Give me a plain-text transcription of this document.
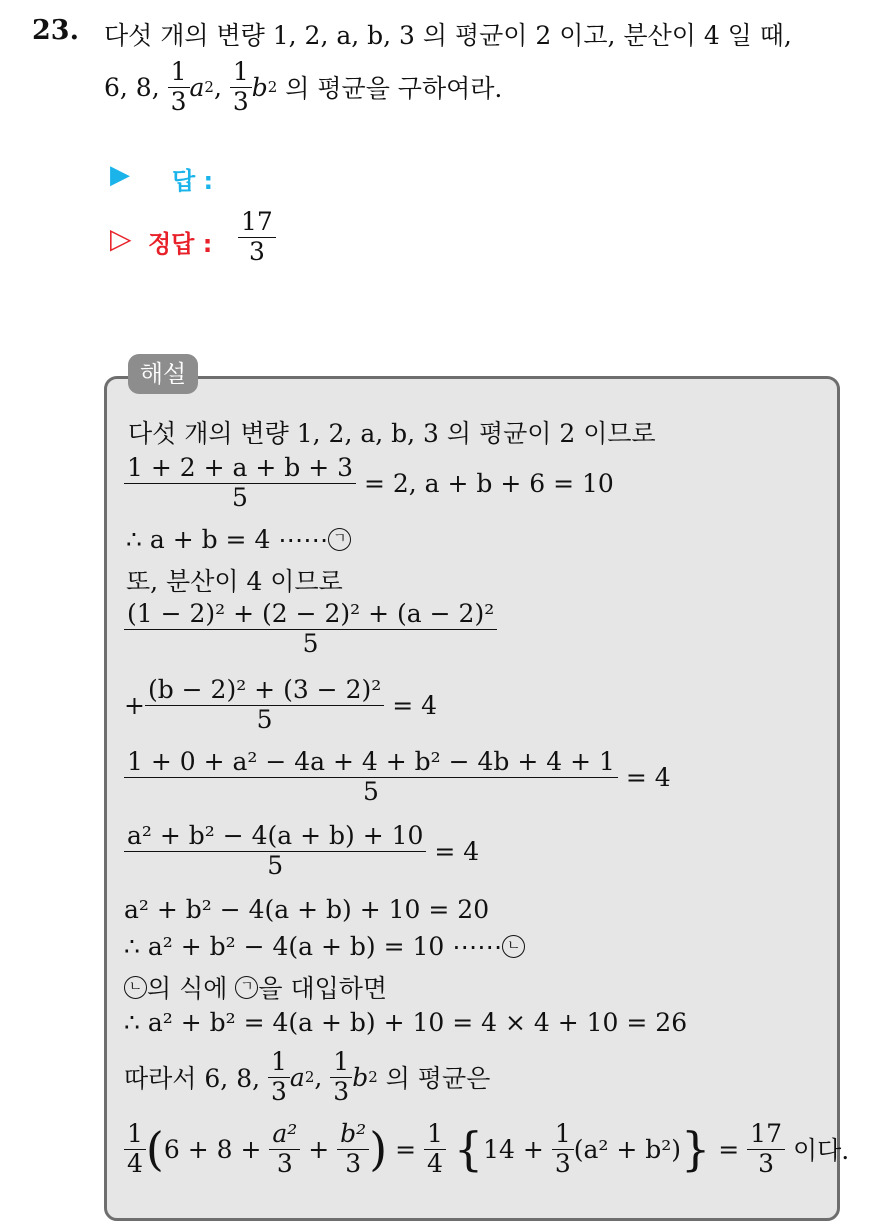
23. 다섯 개의 변량 1, 2, a, b, 3 의 평균이 2 이고, 분산이 4 일 때,
6, 8,
$\frac{1}{3}$ a 2 ,
$\frac{1}{3}$ b 2
의 평균을 구하여라.
▶ 답 :
▷ 정답 : $\frac{17}{3}$
해설
다섯 개의 변량 1, 2, a, b, 3 의 평균이 2 이므로
$\frac{1 + 2 + a + b + 3}{5}$
= 2, a + b + 6 = 10
∴ a + b = 4 ⋯⋯ ㄱ
또, 분산이 4 이므로
$\frac{\text{(1 − 2)² + (2 − 2)² + (a − 2)²}}{5}$
+ $\frac{\text{(b − 2)² + (3 − 2)²}}{5}$
= 4
$\frac{\text{1 + 0 + a² − 4a + 4 + b² − 4b + 4 + 1}}{5}$
= 4
$\frac{\text{a² + b² − 4(a + b) + 10}}{5}$
= 4
a² + b² − 4(a + b) + 10 = 20
∴ a² + b² − 4(a + b) = 10 ⋯⋯ ㄴ
ㄴ 의 식에
ㄱ 을 대입하면
∴ a² + b² = 4(a + b) + 10 = 4 × 4 + 10 = 26
따라서 6, 8,
$\frac{1}{3}$ a 2 ,
$\frac{1}{3}$ b 2
의 평균은
$\frac{1}{4}$ ( 6 + 8 +
$\frac{\text{a²}}{3}$
+
$\frac{\text{b²}}{3}$ )
=
$\frac{1}{4}$
{ 14 +
$\frac{1}{3} (a^2 + b^2)$ }
=
$\frac{17}{3}$
이다.
